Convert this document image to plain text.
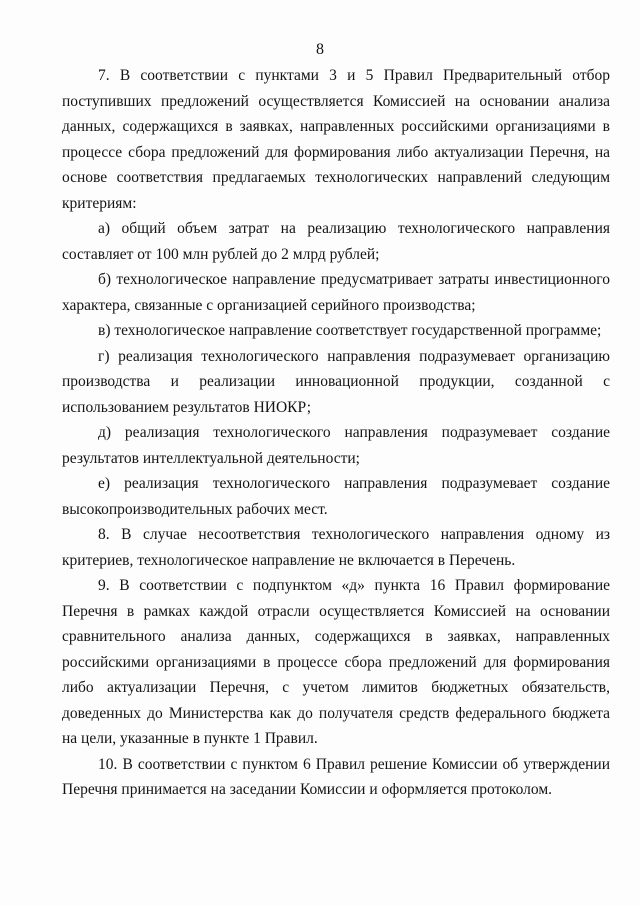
8

7. В соответствии с пунктами 3 и 5 Правил Предварительный отбор поступивших предложений осуществляется Комиссией на основании анализа данных, содержащихся в заявках, направленных российскими организациями в процессе сбора предложений для формирования либо актуализации Перечня, на основе соответствия предлагаемых технологических направлений следующим критериям:

а) общий объем затрат на реализацию технологического направления составляет от 100 млн рублей до 2 млрд рублей;

б) технологическое направление предусматривает затраты инвестиционного характера, связанные с организацией серийного производства;

в) технологическое направление соответствует государственной программе;

г) реализация технологического направления подразумевает организацию производства и реализации инновационной продукции, созданной с использованием результатов НИОКР;

д) реализация технологического направления подразумевает создание результатов интеллектуальной деятельности;

е) реализация технологического направления подразумевает создание высокопроизводительных рабочих мест.

8. В случае несоответствия технологического направления одному из критериев, технологическое направление не включается в Перечень.

9. В соответствии с подпунктом «д» пункта 16 Правил формирование Перечня в рамках каждой отрасли осуществляется Комиссией на основании сравнительного анализа данных, содержащихся в заявках, направленных российскими организациями в процессе сбора предложений для формирования либо актуализации Перечня, с учетом лимитов бюджетных обязательств, доведенных до Министерства как до получателя средств федерального бюджета на цели, указанные в пункте 1 Правил.

10. В соответствии с пунктом 6 Правил решение Комиссии об утверждении Перечня принимается на заседании Комиссии и оформляется протоколом.
